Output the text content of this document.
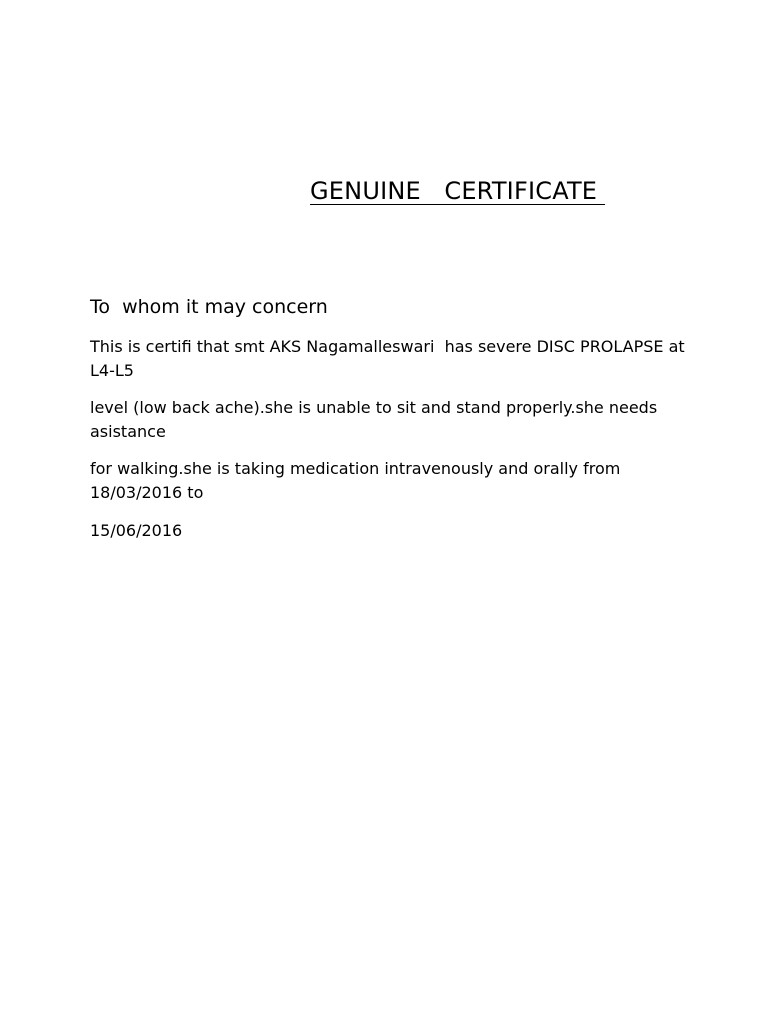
GENUINE   CERTIFICATE
To  whom it may concern
This is certifi that smt AKS Nagamalleswari  has severe DISC PROLAPSE at L4-L5
level (low back ache).she is unable to sit and stand properly.she needs asistance
for walking.she is taking medication intravenously and orally from 18/03/2016 to
15/06/2016
